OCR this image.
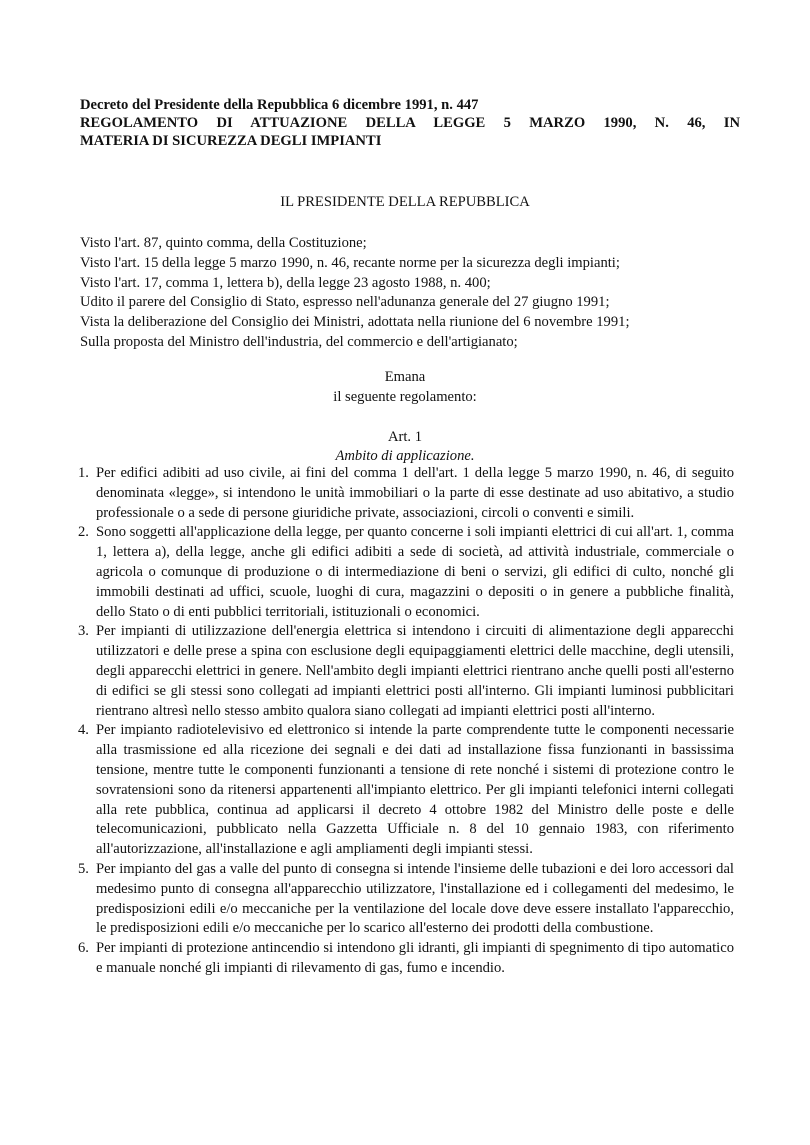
Decreto del Presidente della Repubblica 6 dicembre 1991, n. 447
REGOLAMENTO DI ATTUAZIONE DELLA LEGGE 5 MARZO 1990, N. 46, IN
MATERIA DI SICUREZZA DEGLI IMPIANTI
IL PRESIDENTE DELLA REPUBBLICA
Visto l'art. 87, quinto comma, della Costituzione;
Visto l'art. 15 della legge 5 marzo 1990, n. 46, recante norme per la sicurezza degli impianti;
Visto l'art. 17, comma 1, lettera b), della legge 23 agosto 1988, n. 400;
Udito il parere del Consiglio di Stato, espresso nell'adunanza generale del 27 giugno 1991;
Vista la deliberazione del Consiglio dei Ministri, adottata nella riunione del 6 novembre 1991;
Sulla proposta del Ministro dell'industria, del commercio e dell'artigianato;
Emana
il seguente regolamento:
Art. 1
Ambito di applicazione.
1. Per edifici adibiti ad uso civile, ai fini del comma 1 dell'art. 1 della legge 5 marzo 1990, n. 46, di seguito denominata «legge», si intendono le unità immobiliari o la parte di esse destinate ad uso abitativo, a studio professionale o a sede di persone giuridiche private, associazioni, circoli o conventi e simili.
2. Sono soggetti all'applicazione della legge, per quanto concerne i soli impianti elettrici di cui all'art. 1, comma 1, lettera a), della legge, anche gli edifici adibiti a sede di società, ad attività industriale, commerciale o agricola o comunque di produzione o di intermediazione di beni o servizi, gli edifici di culto, nonché gli immobili destinati ad uffici, scuole, luoghi di cura, magazzini o depositi o in genere a pubbliche finalità, dello Stato o di enti pubblici territoriali, istituzionali o economici.
3. Per impianti di utilizzazione dell'energia elettrica si intendono i circuiti di alimentazione degli apparecchi utilizzatori e delle prese a spina con esclusione degli equipaggiamenti elettrici delle macchine, degli utensili, degli apparecchi elettrici in genere. Nell'ambito degli impianti elettrici rientrano anche quelli posti all'esterno di edifici se gli stessi sono collegati ad impianti elettrici posti all'interno. Gli impianti luminosi pubblicitari rientrano altresì nello stesso ambito qualora siano collegati ad impianti elettrici posti all'interno.
4. Per impianto radiotelevisivo ed elettronico si intende la parte comprendente tutte le componenti necessarie alla trasmissione ed alla ricezione dei segnali e dei dati ad installazione fissa funzionanti in bassissima tensione, mentre tutte le componenti funzionanti a tensione di rete nonché i sistemi di protezione contro le sovratensioni sono da ritenersi appartenenti all'impianto elettrico. Per gli impianti telefonici interni collegati alla rete pubblica, continua ad applicarsi il decreto 4 ottobre 1982 del Ministro delle poste e delle telecomunicazioni, pubblicato nella Gazzetta Ufficiale n. 8 del 10 gennaio 1983, con riferimento all'autorizzazione, all'installazione e agli ampliamenti degli impianti stessi.
5. Per impianto del gas a valle del punto di consegna si intende l'insieme delle tubazioni e dei loro accessori dal medesimo punto di consegna all'apparecchio utilizzatore, l'installazione ed i collegamenti del medesimo, le predisposizioni edili e/o meccaniche per la ventilazione del locale dove deve essere installato l'apparecchio, le predisposizioni edili e/o meccaniche per lo scarico all'esterno dei prodotti della combustione.
6. Per impianti di protezione antincendio si intendono gli idranti, gli impianti di spegnimento di tipo automatico e manuale nonché gli impianti di rilevamento di gas, fumo e incendio.
